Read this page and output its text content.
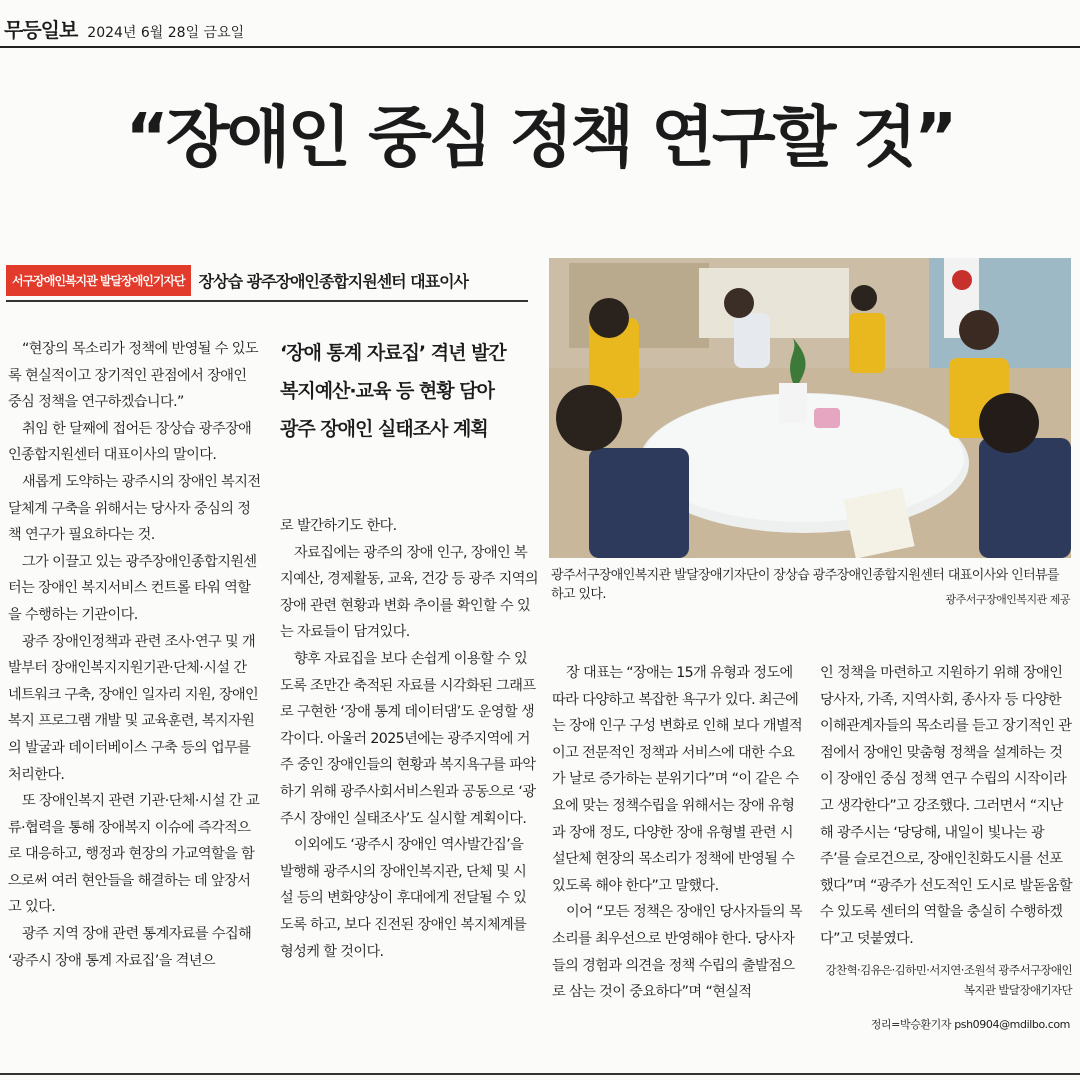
무등일보 2024년 6월 28일 금요일
“장애인 중심 정책 연구할 것”
서구장애인복지관 발달장애인기자단 장상습 광주장애인종합지원센터 대표이사

“현장의 목소리가 정책에 반영될 수 있도록 현실적이고 장기적인 관점에서 장애인 중심 정책을 연구하겠습니다.”

취임 한 달째에 접어든 장상습 광주장애인종합지원센터 대표이사의 말이다.

새롭게 도약하는 광주시의 장애인 복지전달체계 구축을 위해서는 당사자 중심의 정책 연구가 필요하다는 것.

그가 이끌고 있는 광주장애인종합지원센터는 장애인 복지서비스 컨트롤 타워 역할을 수행하는 기관이다.

광주 장애인정책과 관련 조사·연구 및 개발부터 장애인복지지원기관·단체·시설 간 네트워크 구축, 장애인 일자리 지원, 장애인복지 프로그램 개발 및 교육훈련, 복지자원의 발굴과 데이터베이스 구축 등의 업무를 처리한다.

또 장애인복지 관련 기관·단체·시설 간 교류·협력을 통해 장애복지 이슈에 즉각적으로 대응하고, 행정과 현장의 가교역할을 함으로써 여러 현안들을 해결하는 데 앞장서고 있다.

광주 지역 장애 관련 통계자료를 수집해 ‘광주시 장애 통계 자료집’을 격년으

‘장애 통계 자료집’ 격년 발간
복지예산·교육 등 현황 담아
광주 장애인 실태조사 계획

로 발간하기도 한다.

자료집에는 광주의 장애 인구, 장애인 복지예산, 경제활동, 교육, 건강 등 광주 지역의 장애 관련 현황과 변화 추이를 확인할 수 있는 자료들이 담겨있다.

향후 자료집을 보다 손쉽게 이용할 수 있도록 조만간 축적된 자료를 시각화된 그래프로 구현한 ‘장애 통계 데이터댐’도 운영할 생각이다. 아울러 2025년에는 광주지역에 거주 중인 장애인들의 현황과 복지욕구를 파악하기 위해 광주사회서비스원과 공동으로 ‘광주시 장애인 실태조사’도 실시할 계획이다.

이외에도 ‘광주시 장애인 역사발간집’을 발행해 광주시의 장애인복지관, 단체 및 시설 등의 변화양상이 후대에게 전달될 수 있도록 하고, 보다 진전된 장애인 복지체계를 형성케 할 것이다.

광주서구장애인복지관 발달장애기자단이 장상습 광주장애인종합지원센터 대표이사와 인터뷰를 하고 있다.	광주서구장애인복지관 제공

장 대표는 “장애는 15개 유형과 정도에 따라 다양하고 복잡한 욕구가 있다. 최근에는 장애 인구 구성 변화로 인해 보다 개별적이고 전문적인 정책과 서비스에 대한 수요가 날로 증가하는 분위기다”며 “이 같은 수요에 맞는 정책수립을 위해서는 장애 유형과 장애 정도, 다양한 장애 유형별 관련 시설단체 현장의 목소리가 정책에 반영될 수 있도록 해야 한다”고 말했다.

이어 “모든 정책은 장애인 당사자들의 목소리를 최우선으로 반영해야 한다. 당사자들의 경험과 의견을 정책 수립의 출발점으로 삼는 것이 중요하다”며 “현실적

인 정책을 마련하고 지원하기 위해 장애인 당사자, 가족, 지역사회, 종사자 등 다양한 이해관계자들의 목소리를 듣고 장기적인 관점에서 장애인 맞춤형 정책을 설계하는 것이 장애인 중심 정책 연구 수립의 시작이라고 생각한다”고 강조했다. 그러면서 “지난해 광주시는 ‘당당해, 내일이 빛나는 광주’를 슬로건으로, 장애인친화도시를 선포했다”며 “광주가 선도적인 도시로 발돋움할 수 있도록 센터의 역할을 충실히 수행하겠다”고 덧붙였다.

강찬혁·김유은·김하민·서지연·조원석 광주서구장애인복지관 발달장애기자단
정리=박승환기자 psh0904@mdilbo.com
